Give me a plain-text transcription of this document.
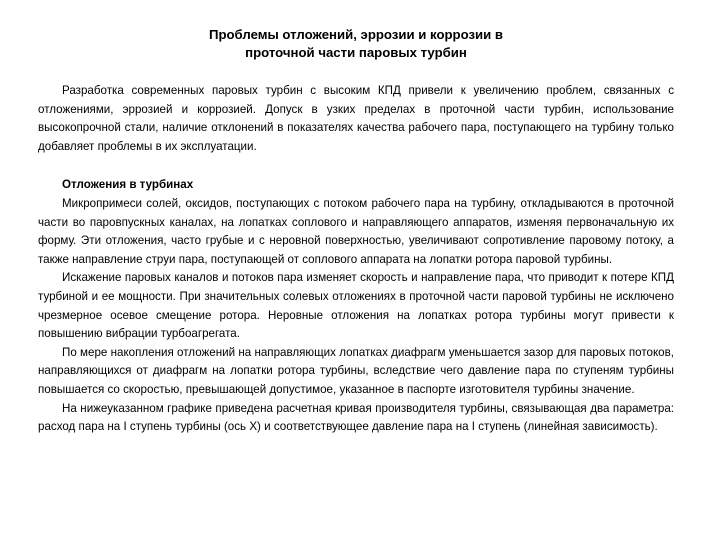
Проблемы отложений, эррозии и коррозии в
проточной части паровых турбин

Разработка современных паровых турбин с высоким КПД привели к увеличению проблем, связанных с отложениями, эррозией и коррозией. Допуск в узких пределах в проточной части турбин, использование высокопрочной стали, наличие отклонений в показателях качества рабочего пара, поступающего на турбину только добавляет проблемы в их эксплуатации.

Отложения в турбинах

Микропримеси солей, оксидов, поступающих с потоком рабочего пара на турбину, откладываются в проточной части во паровпускных каналах, на лопатках соплового и направляющего аппаратов, изменяя первоначальную их форму. Эти отложения, часто грубые и с неровной поверхностью, увеличивают сопротивление паровому потоку, а также направление струи пара, поступающей от соплового аппарата на лопатки ротора паровой турбины.

Искажение паровых каналов и потоков пара изменяет скорость и направление пара, что приводит к потере КПД турбиной и ее мощности. При значительных солевых отложениях в проточной части паровой турбины не исключено чрезмерное осевое смещение ротора. Неровные отложения на лопатках ротора турбины могут привести к повышению вибрации турбоагрегата.

По мере накопления отложений на направляющих лопатках диафрагм уменьшается зазор для паровых потоков, направляющихся от диафрагм на лопатки ротора турбины, вследствие чего давление пара по ступеням турбины повышается со скоростью, превышающей допустимое, указанное в паспорте изготовителя турбины значение.

На нижеуказанном графике приведена расчетная кривая производителя турбины, связывающая два параметра: расход пара на I ступень турбины (ось X) и соответствующее давление пара на I ступень (линейная зависимость).
